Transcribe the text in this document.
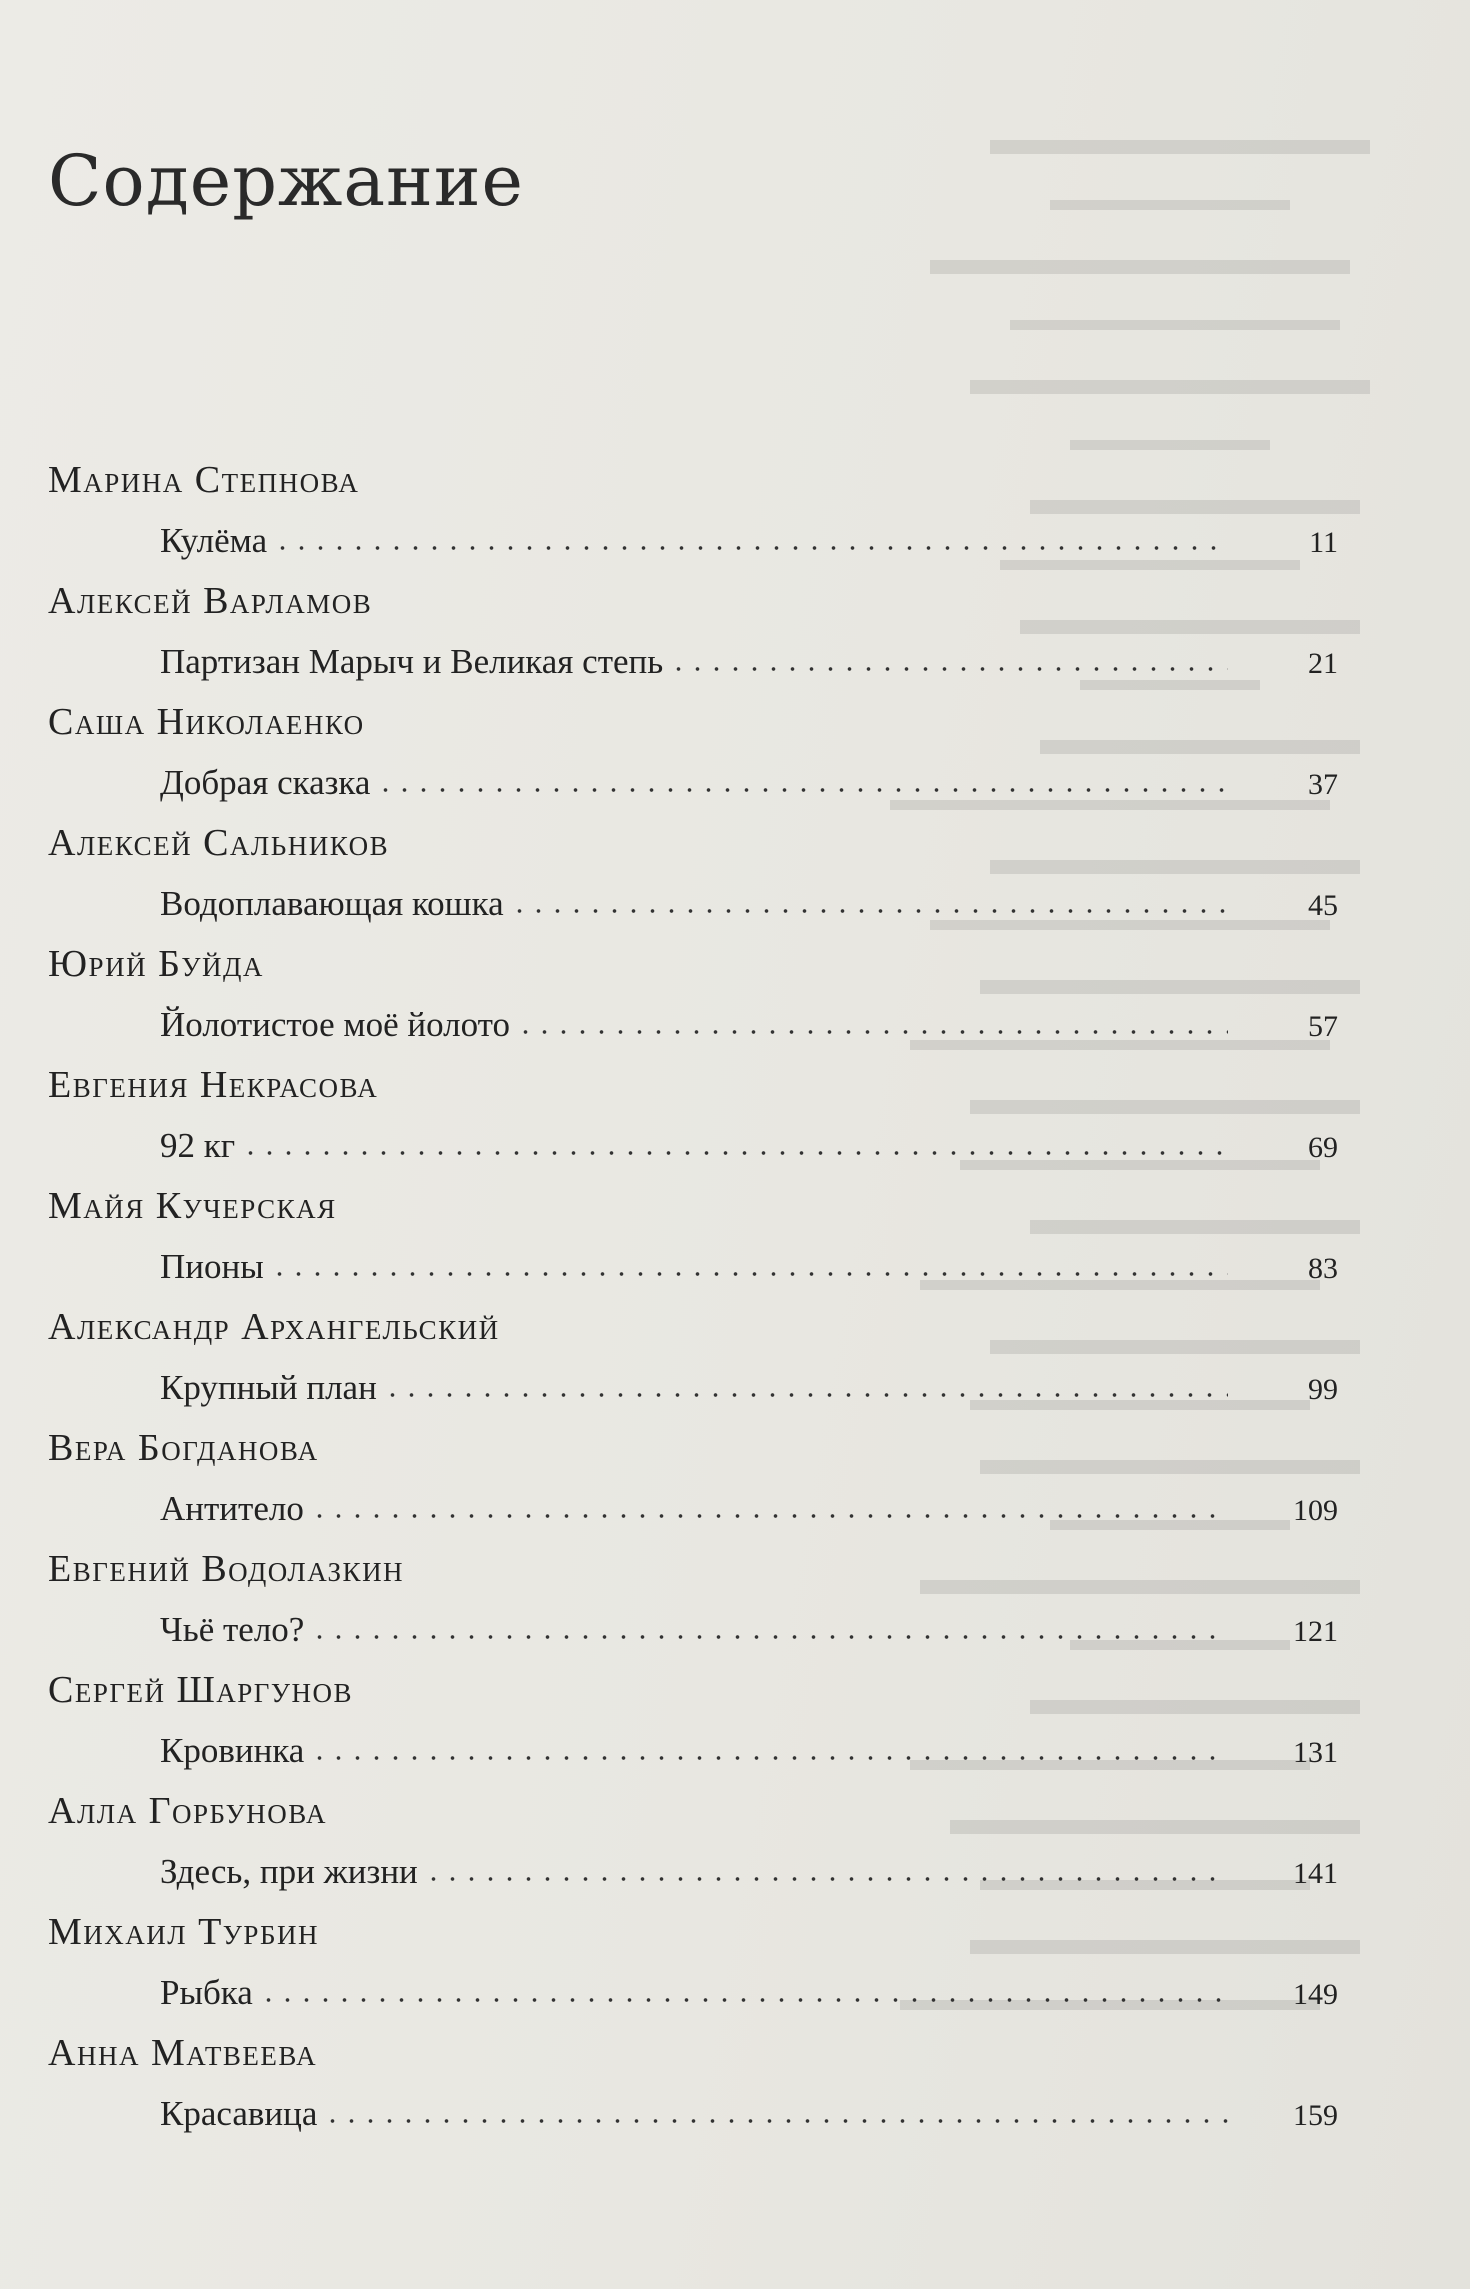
Содержание
Марина Степнова
Кулёма	11
Алексей Варламов
Партизан Марыч и Великая степь	21
Саша Николаенко
Добрая сказка	37
Алексей Сальников
Водоплавающая кошка	45
Юрий Буйда
Йолотистое моё йолото	57
Евгения Некрасова
92 кг	69
Майя Кучерская
Пионы	83
Александр Архангельский
Крупный план	99
Вера Богданова
Антитело	109
Евгений Водолазкин
Чьё тело?	121
Сергей Шаргунов
Кровинка	131
Алла Горбунова
Здесь, при жизни	141
Михаил Турбин
Рыбка	149
Анна Матвеева
Красавица	159
